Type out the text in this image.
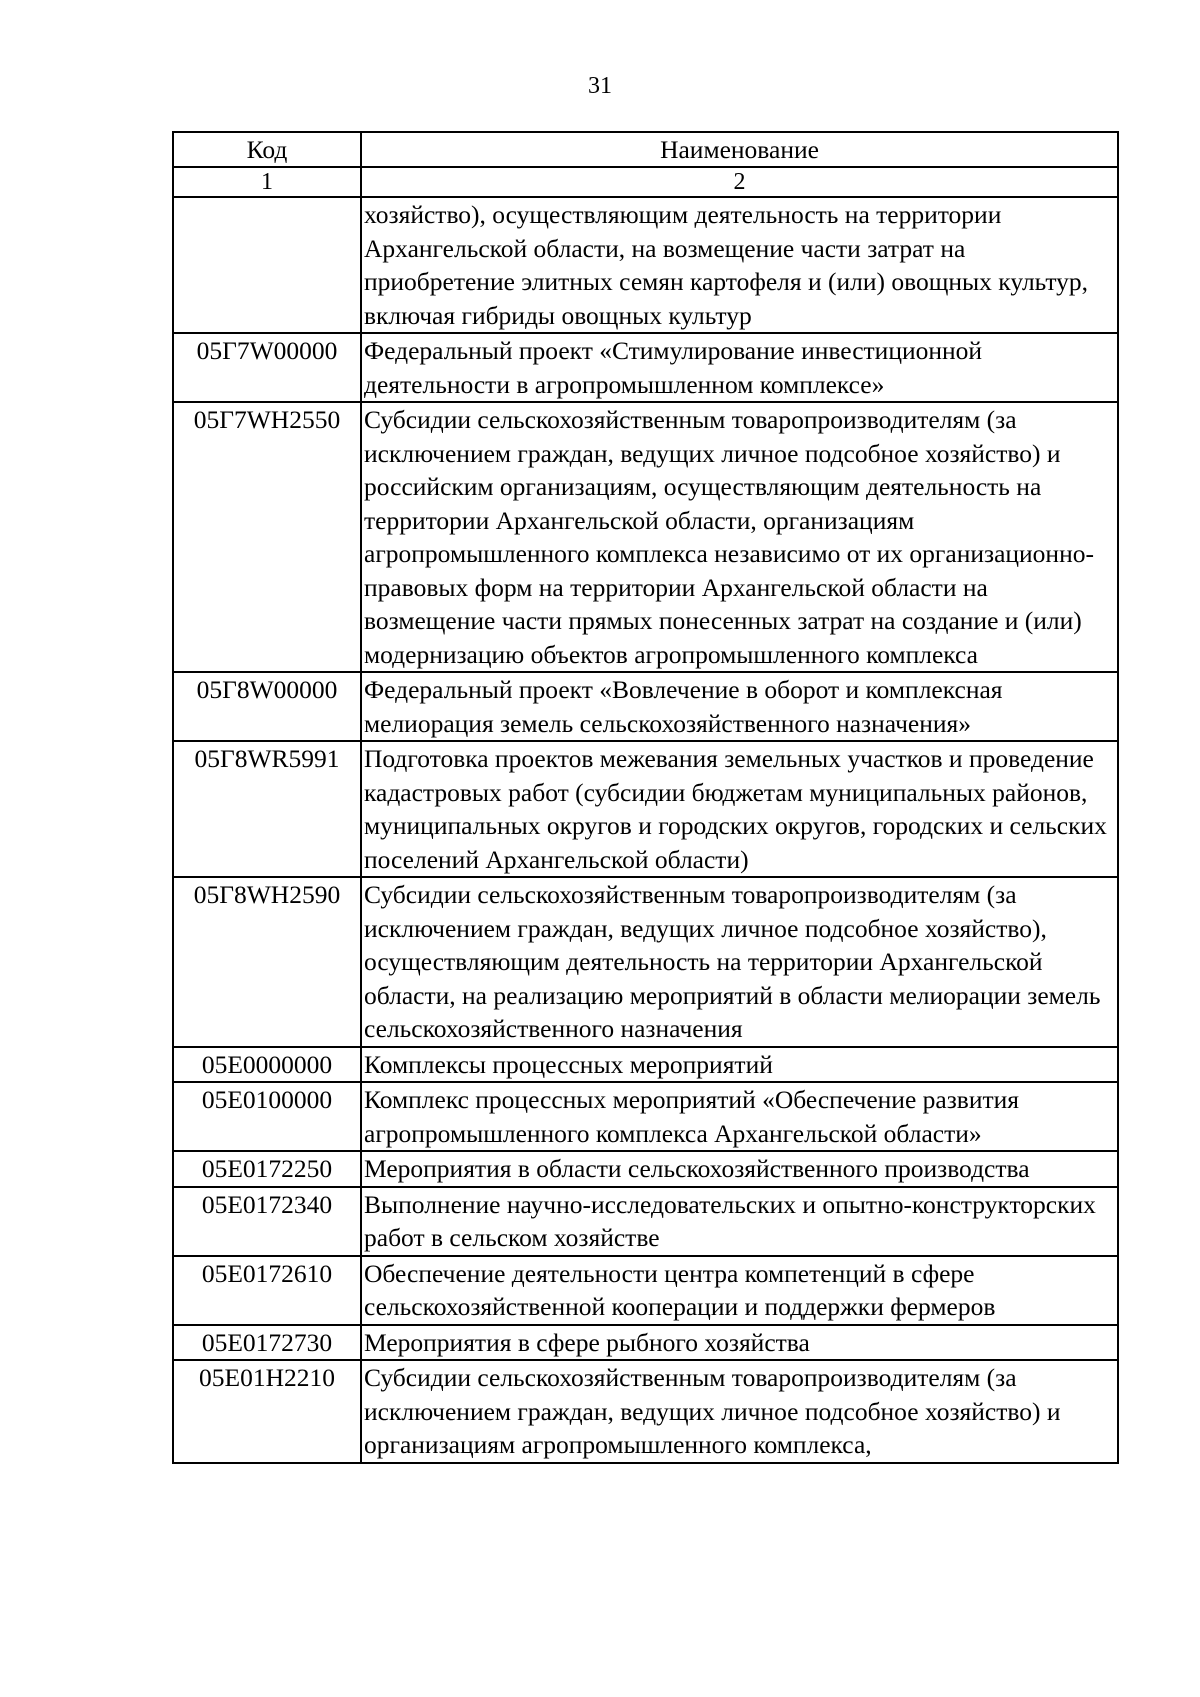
31
Код	Наименование
1	2
	хозяйство), осуществляющим деятельность на территории Архангельской области, на возмещение части затрат на приобретение элитных семян картофеля и (или) овощных культур, включая гибриды овощных культур
05Г7W00000	Федеральный проект «Стимулирование инвестиционной деятельности в агропромышленном комплексе»
05Г7WH2550	Субсидии сельскохозяйственным товаропроизводителям (за исключением граждан, ведущих личное подсобное хозяйство) и российским организациям, осуществляющим деятельность на территории Архангельской области, организациям агропромышленного комплекса независимо от их организационно-правовых форм на территории Архангельской области на возмещение части прямых понесенных затрат на создание и (или) модернизацию объектов агропромышленного комплекса
05Г8W00000	Федеральный проект «Вовлечение в оборот и комплексная мелиорация земель сельскохозяйственного назначения»
05Г8WR5991	Подготовка проектов межевания земельных участков и проведение кадастровых работ (субсидии бюджетам муниципальных районов, муниципальных округов и городских округов, городских и сельских поселений Архангельской области)
05Г8WH2590	Субсидии сельскохозяйственным товаропроизводителям (за исключением граждан, ведущих личное подсобное хозяйство), осуществляющим деятельность на территории Архангельской области, на реализацию мероприятий в области мелиорации земель сельскохозяйственного назначения
05Е0000000	Комплексы процессных мероприятий
05Е0100000	Комплекс процессных мероприятий «Обеспечение развития агропромышленного комплекса Архангельской области»
05Е0172250	Мероприятия в области сельскохозяйственного производства
05Е0172340	Выполнение научно-исследовательских и опытно-конструкторских работ в сельском хозяйстве
05Е0172610	Обеспечение деятельности центра компетенций в сфере сельскохозяйственной кооперации и поддержки фермеров
05Е0172730	Мероприятия в сфере рыбного хозяйства
05Е01Н2210	Субсидии сельскохозяйственным товаропроизводителям (за исключением граждан, ведущих личное подсобное хозяйство) и организациям агропромышленного комплекса,
